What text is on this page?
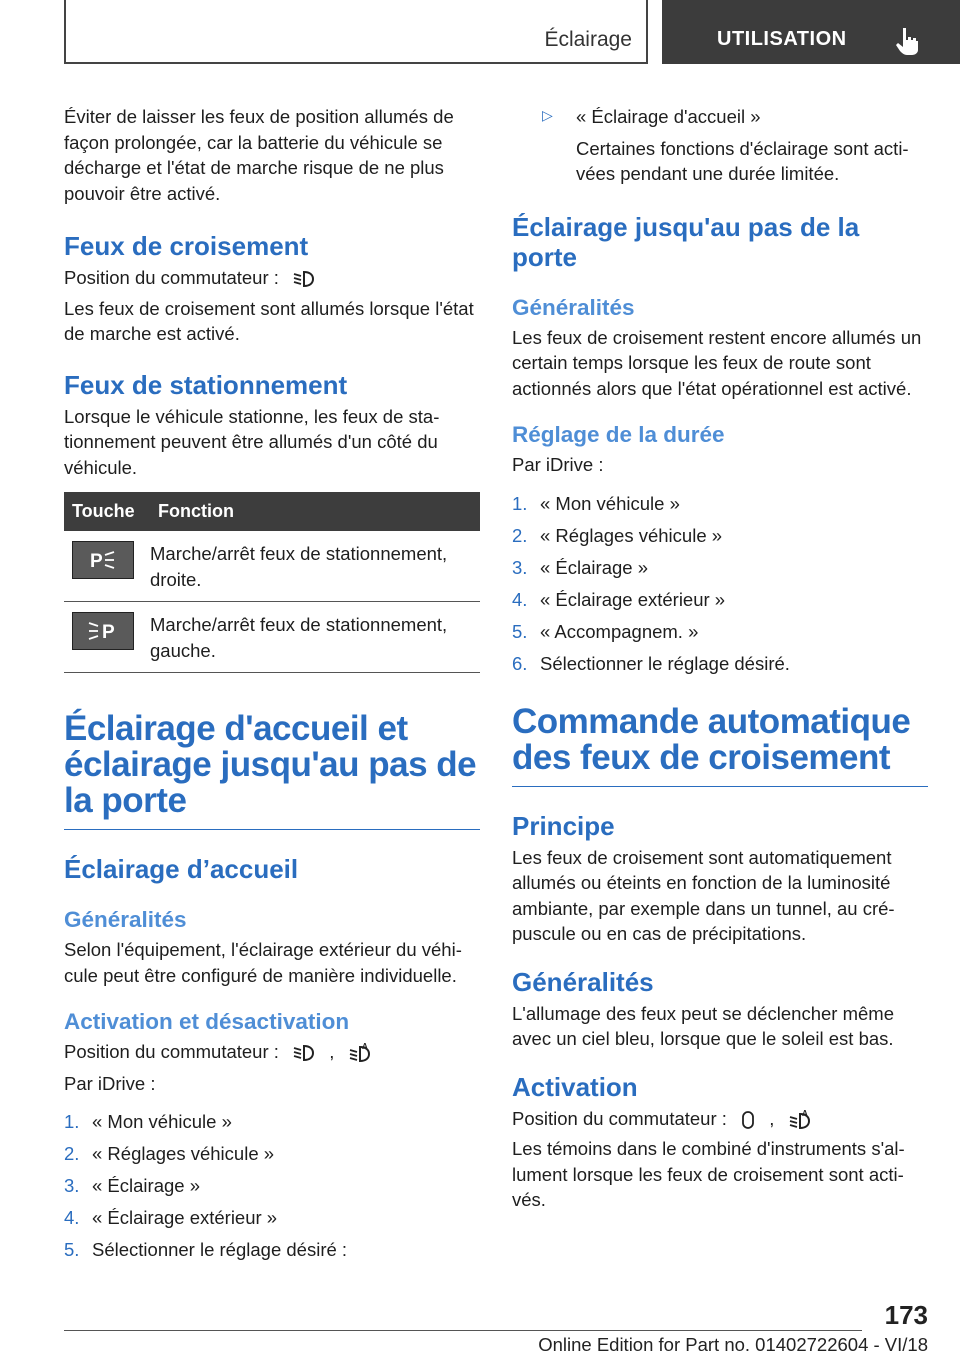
Éclairage	UTILISATION

Éviter de laisser les feux de position allumés de façon prolongée, car la batterie du véhicule se décharge et l'état de marche risque de ne plus pouvoir être activé.

Feux de croisement

Position du commutateur :

Les feux de croisement sont allumés lorsque l'état de marche est activé.

Feux de stationnement

Lorsque le véhicule stationne, les feux de sta-tionnement peuvent être allumés d'un côté du véhicule.

Touche	Fonction

P	Marche/arrêt feux de stationnement, droite.

P	Marche/arrêt feux de stationnement, gauche.
Éclairage d'accueil et éclairage jusqu'au pas de la porte
Éclairage d’accueil
Généralités

Selon l'équipement, l'éclairage extérieur du véhi-cule peut être configuré de manière individuelle.

Activation et désactivation

Position du commutateur :	,	A

Par iDrive :

1. « Mon véhicule »
2. « Réglages véhicule »
3. « Éclairage »
4. « Éclairage extérieur »
5. Sélectionner le réglage désiré :
▷	« Éclairage d'accueil »

Certaines fonctions d'éclairage sont acti-vées pendant une durée limitée.

Éclairage jusqu'au pas de la porte
Généralités

Les feux de croisement restent encore allumés un certain temps lorsque les feux de route sont actionnés alors que l'état opérationnel est activé.

Réglage de la durée

Par iDrive :

1. « Mon véhicule »
2. « Réglages véhicule »
3. « Éclairage »
4. « Éclairage extérieur »
5. « Accompagnem. »
6. Sélectionner le réglage désiré.
Commande automatique des feux de croisement
Principe

Les feux de croisement sont automatiquement allumés ou éteints en fonction de la luminosité ambiante, par exemple dans un tunnel, au cré-puscule ou en cas de précipitations.

Généralités

L'allumage des feux peut se déclencher même avec un ciel bleu, lorsque que le soleil est bas.

Activation

Position du commutateur : ,	A

Les témoins dans le combiné d'instruments s'al-lument lorsque les feux de croisement sont acti-vés.

173
Online Edition for Part no. 01402722604 - VI/18
